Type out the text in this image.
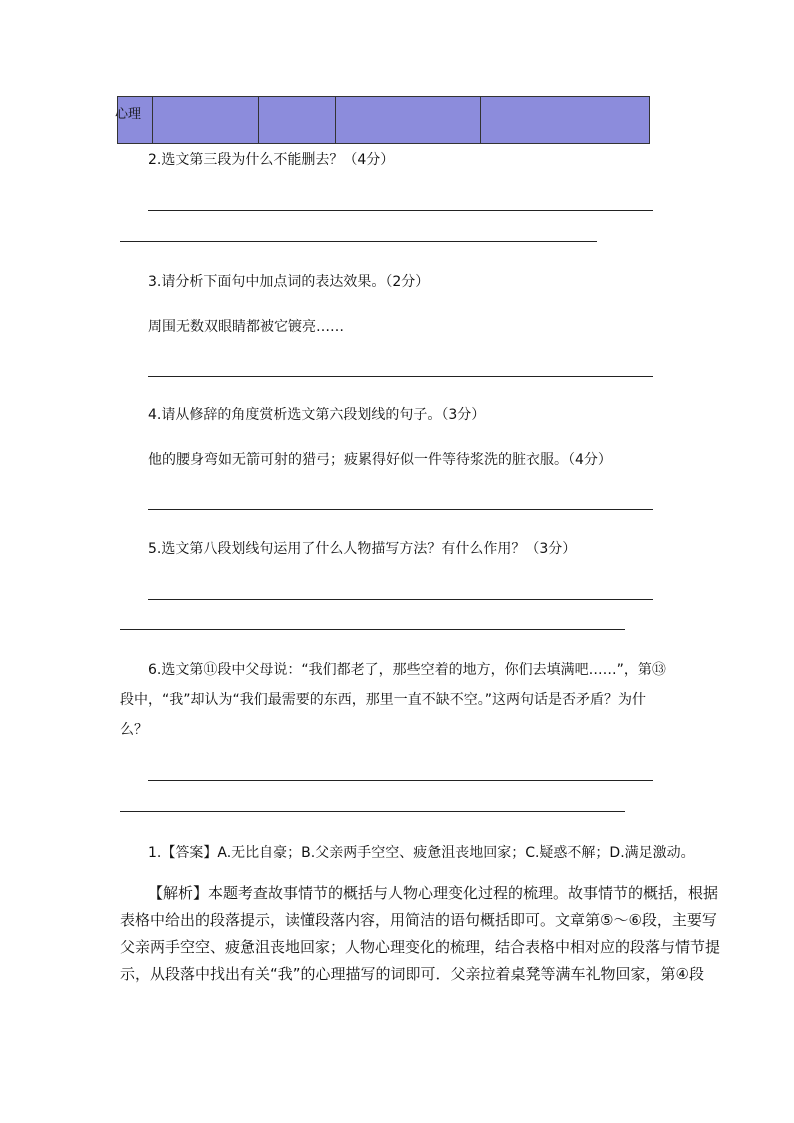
心理
2.选文第三段为什么不能删去？（4分）
3.请分析下面句中加点词的表达效果。（2分）
周围无数双眼睛都被它镀亮……
4.请从修辞的角度赏析选文第六段划线的句子。（3分）
他的腰身弯如无箭可射的猎弓；疲累得好似一件等待浆洗的脏衣服。（4分）
5.选文第八段划线句运用了什么人物描写方法？有什么作用？（3分）
6.选文第⑪段中父母说：“我们都老了，那些空着的地方，你们去填满吧……”，第⑬
段中，“我”却认为“我们最需要的东西，那里一直不缺不空。”这两句话是否矛盾？为什
么？
1.【答案】A.无比自豪；B.父亲两手空空、疲惫沮丧地回家；C.疑惑不解；D.满足激动。
【解析】本题考查故事情节的概括与人物心理变化过程的梳理。故事情节的概括，根据
表格中给出的段落提示，读懂段落内容，用简洁的语句概括即可。文章第⑤～⑥段，主要写
父亲两手空空、疲惫沮丧地回家；人物心理变化的梳理，结合表格中相对应的段落与情节提
示，从段落中找出有关“我”的心理描写的词即可．父亲拉着桌凳等满车礼物回家，第④段
